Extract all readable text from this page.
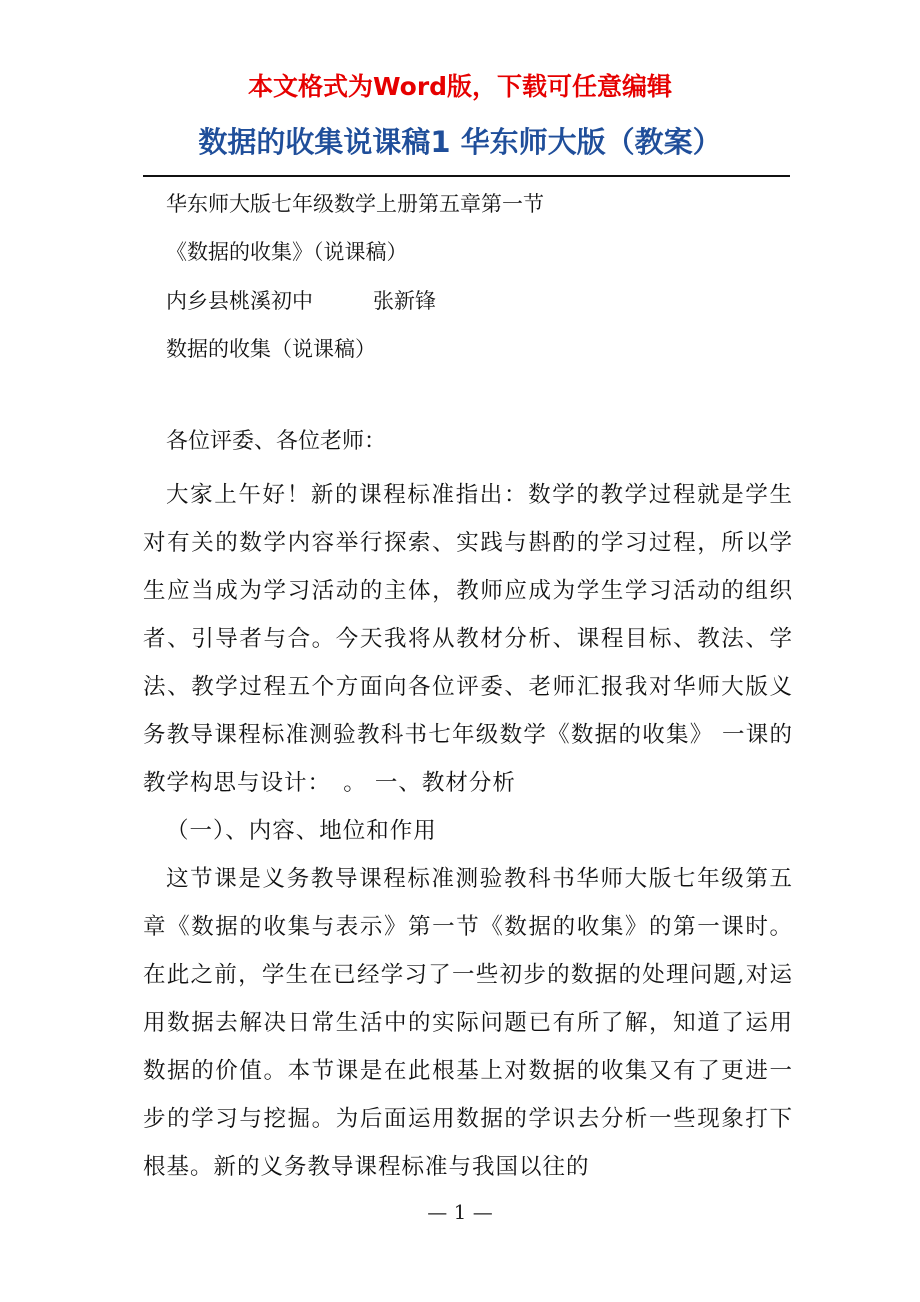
本文格式为Word版，下载可任意编辑
数据的收集说课稿1 华东师大版（教案）
华东师大版七年级数学上册第五章第一节
《数据的收集》（说课稿）
内乡县桃溪初中	张新锋
数据的收集（说课稿）
各位评委、各位老师：

大家上午好！新的课程标准指出：数学的教学过程就是学生对有关的数学内容举行探索、实践与斟酌的学习过程，所以学生应当成为学习活动的主体，教师应成为学生学习活动的组织者、引导者与合。今天我将从教材分析、课程目标、教法、学法、教学过程五个方面向各位评委、老师汇报我对华师大版义务教导课程标准测验教科书七年级数学《数据的收集》 一课的教学构思与设计：　。 一、教材分析

（一）、内容、地位和作用

这节课是义务教导课程标准测验教科书华师大版七年级第五章《数据的收集与表示》第一节《数据的收集》的第一课时。在此之前，学生在已经学习了一些初步的数据的处理问题,对运用数据去解决日常生活中的实际问题已有所了解，知道了运用数据的价值。本节课是在此根基上对数据的收集又有了更进一步的学习与挖掘。为后面运用数据的学识去分析一些现象打下根基。新的义务教导课程标准与我国以往的

— 1 —
